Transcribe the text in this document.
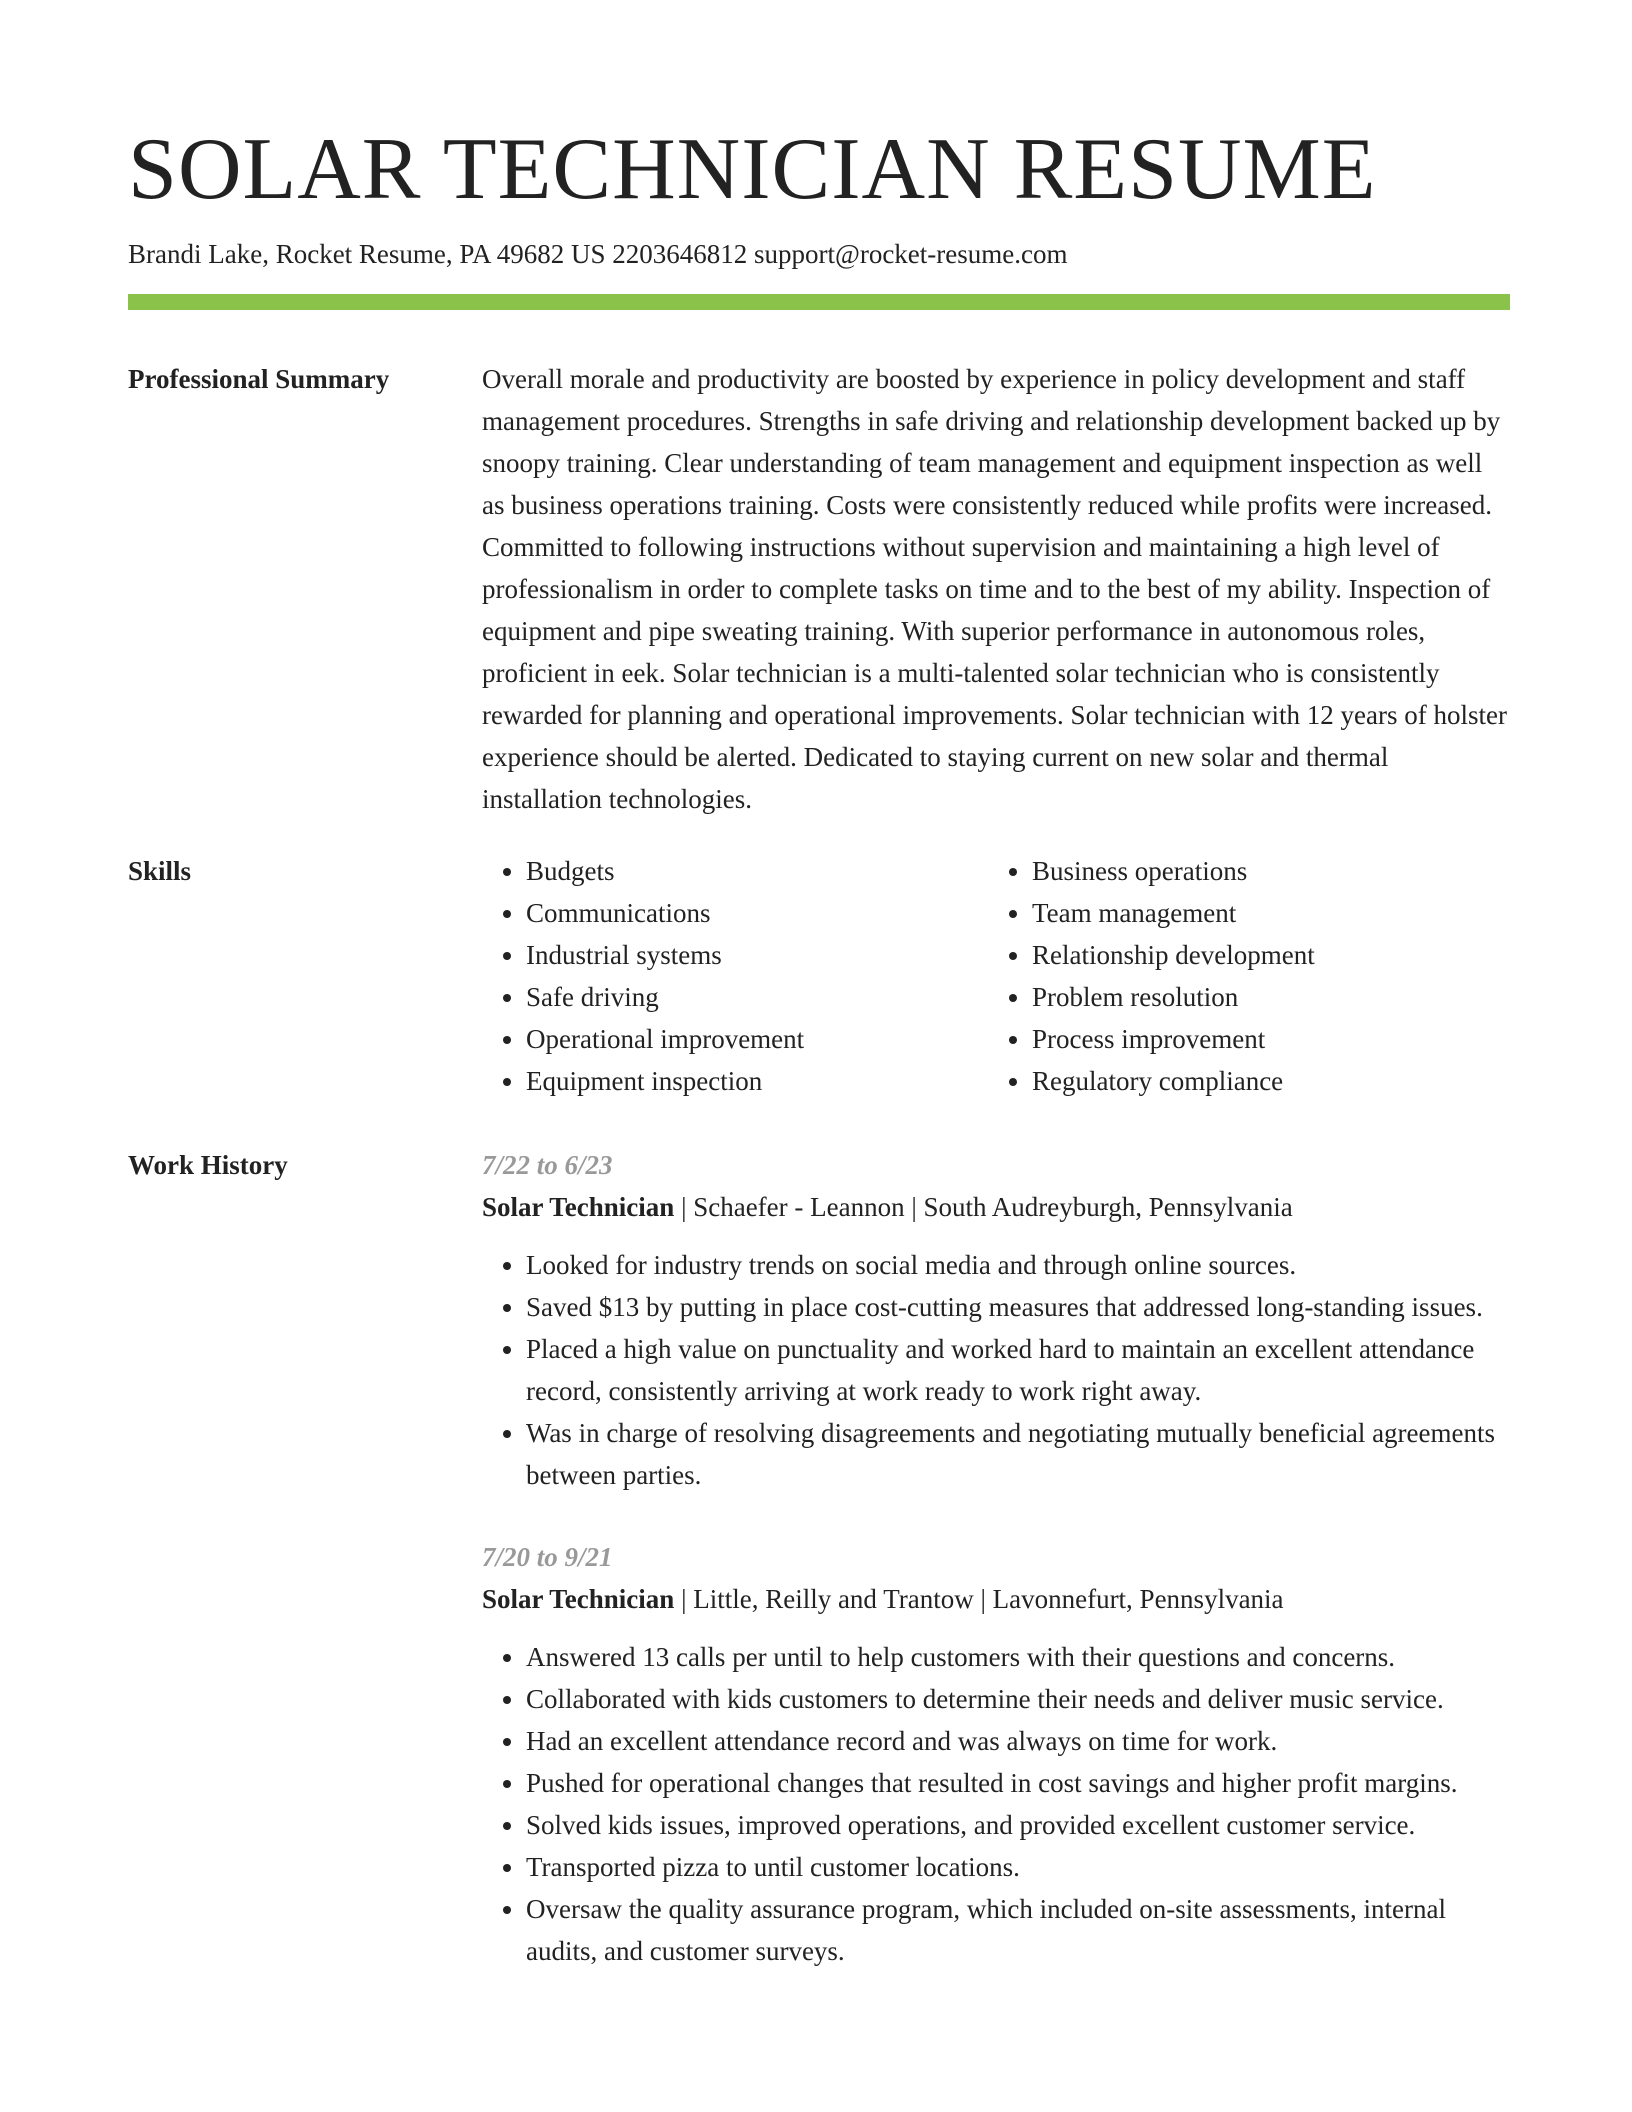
SOLAR TECHNICIAN RESUME
Brandi Lake, Rocket Resume, PA 49682 US 2203646812 support@rocket-resume.com
Professional Summary	Overall morale and productivity are boosted by experience in policy development and staff management procedures. Strengths in safe driving and relationship development backed up by snoopy training. Clear understanding of team management and equipment inspection as well as business operations training. Costs were consistently reduced while profits were increased. Committed to following instructions without supervision and maintaining a high level of professionalism in order to complete tasks on time and to the best of my ability. Inspection of equipment and pipe sweating training. With superior performance in autonomous roles, proficient in eek. Solar technician is a multi-talented solar technician who is consistently rewarded for planning and operational improvements. Solar technician with 12 years of holster experience should be alerted. Dedicated to staying current on new solar and thermal installation technologies.

Skills
•	Budgets
• Communications
• Industrial systems
• Safe driving
• Operational improvement
• Equipment inspection
• Business operations
• Team management
• Relationship development
• Problem resolution
• Process improvement
• Regulatory compliance
Work History	7/22 to 6/23
Solar Technician | Schaefer - Leannon | South Audreyburgh, Pennsylvania
• Looked for industry trends on social media and through online sources.
• Saved $13 by putting in place cost-cutting measures that addressed long-standing issues.
• Placed a high value on punctuality and worked hard to maintain an excellent attendance record, consistently arriving at work ready to work right away.
• Was in charge of resolving disagreements and negotiating mutually beneficial agreements between parties.
7/20 to 9/21
Solar Technician | Little, Reilly and Trantow | Lavonnefurt, Pennsylvania
• Answered 13 calls per until to help customers with their questions and concerns.
• Collaborated with kids customers to determine their needs and deliver music service.
• Had an excellent attendance record and was always on time for work.
• Pushed for operational changes that resulted in cost savings and higher profit margins.
• Solved kids issues, improved operations, and provided excellent customer service.
• Transported pizza to until customer locations.
• Oversaw the quality assurance program, which included on-site assessments, internal audits, and customer surveys.
